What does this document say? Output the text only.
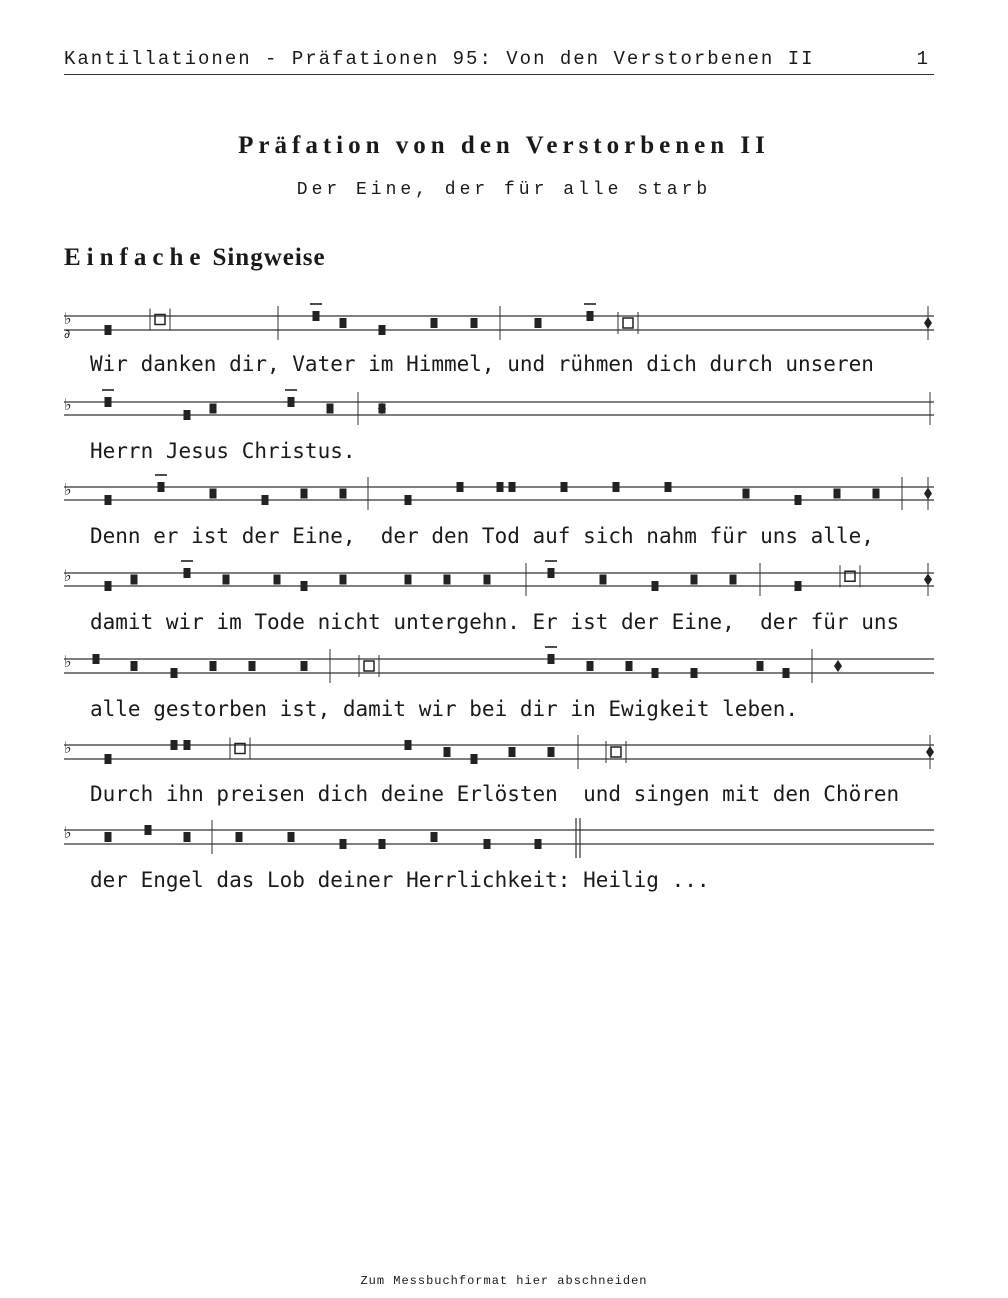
Kantillationen - Präfationen 95: Von den Verstorbenen II	1
Präfation von den Verstorbenen II
Der Eine, der für alle starb
Einfache Singweise
♭
♭
♭
♭
♭
♭
♭
∂
Wir danken dir, Vater im Himmel, und rühmen dich durch unseren
Herrn Jesus Christus.
Denn er ist der Eine,  der den Tod auf sich nahm für uns alle,
damit wir im Tode nicht untergehn. Er ist der Eine,  der für uns
alle gestorben ist, damit wir bei dir in Ewigkeit leben.
Durch ihn preisen dich deine Erlösten  und singen mit den Chören
der Engel das Lob deiner Herrlichkeit: Heilig ...
Zum Messbuchformat hier abschneiden
